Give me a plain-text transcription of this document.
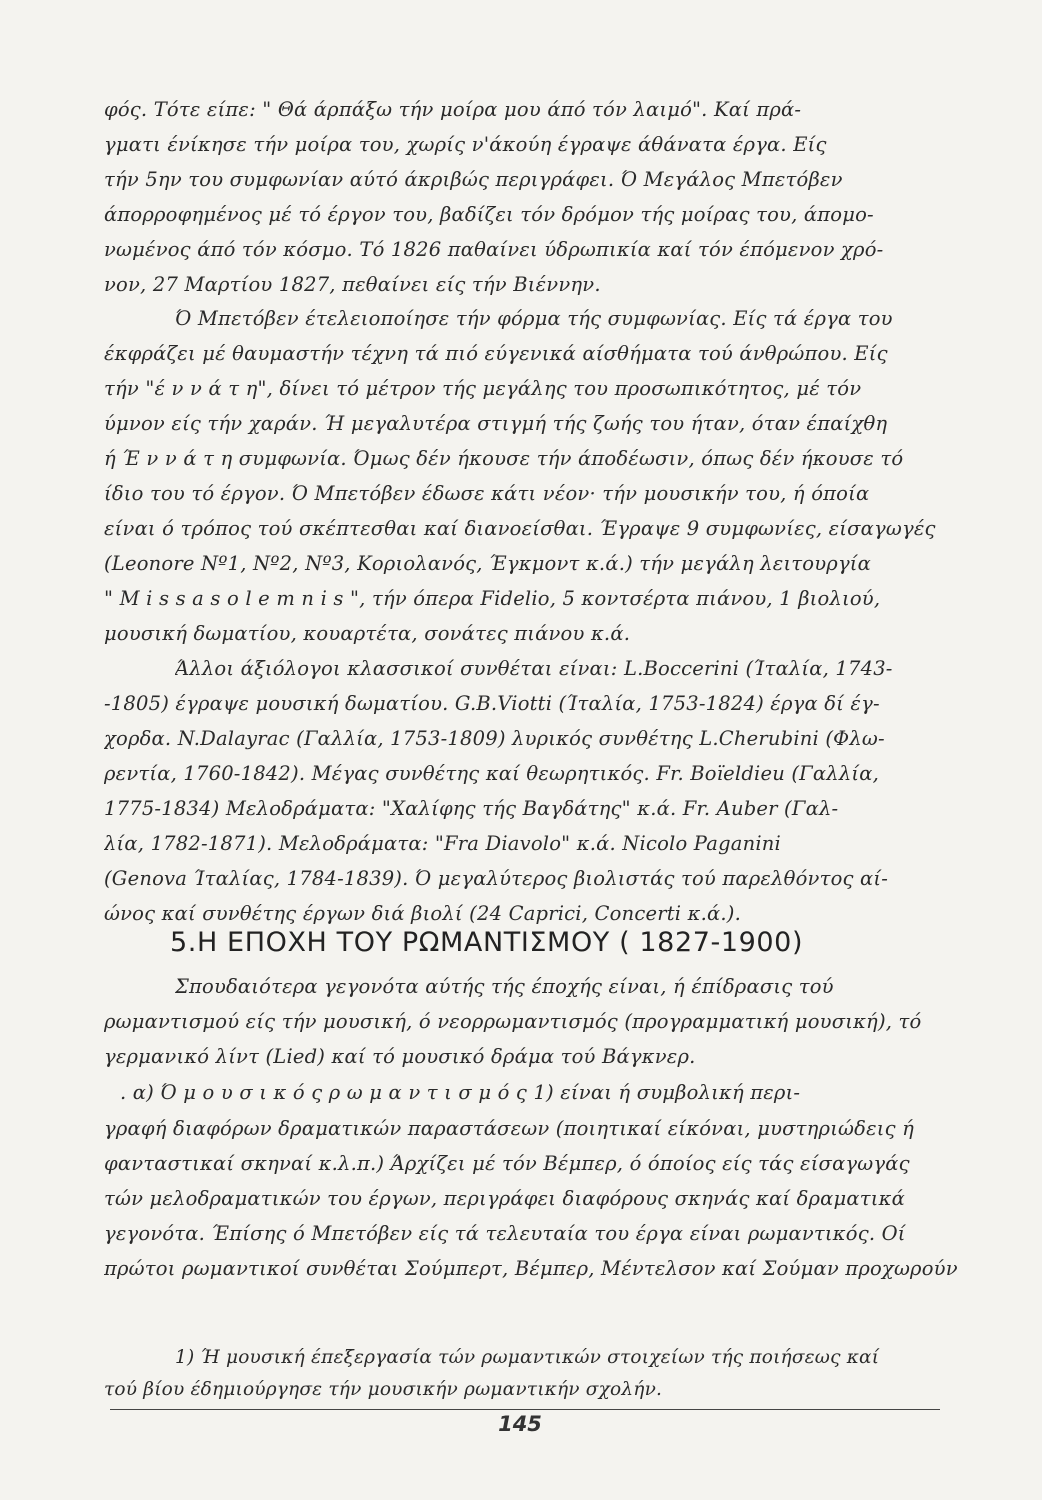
φός. Τότε είπε: " Θά άρπάξω τήν μοίρα μου άπό τόν λαιμό". Καί πρά-
γματι ένίκησε τήν μοίρα του, χωρίς ν'άκούη έγραψε άθάνατα έργα. Είς
τήν 5ην του συμφωνίαν αύτό άκριβώς περιγράφει. Ό Μεγάλος Μπετόβεν
άπορροφημένος μέ τό έργον του, βαδίζει τόν δρόμον τής μοίρας του, άπομο-
νωμένος άπό τόν κόσμο. Τό 1826 παθαίνει ύδρωπικία καί τόν έπόμενον χρό-
νον, 27 Μαρτίου 1827, πεθαίνει είς τήν Βιέννην.
Ό Μπετόβεν έτελειοποίησε τήν φόρμα τής συμφωνίας. Είς τά έργα του
έκφράζει μέ θαυμαστήν τέχνη τά πιό εύγενικά αίσθήματα τού άνθρώπου. Είς
τήν "έ ν ν ά τ η", δίνει τό μέτρον τής μεγάλης του προσωπικότητος, μέ τόν
ύμνον είς τήν χαράν. Ή μεγαλυτέρα στιγμή τής ζωής του ήταν, όταν έπαίχθη
ή Έ ν ν ά τ η συμφωνία. Όμως δέν ήκουσε τήν άποδέωσιν, όπως δέν ήκουσε τό
ίδιο του τό έργον. Ό Μπετόβεν έδωσε κάτι νέον· τήν μουσικήν του, ή όποία
είναι ό τρόπος τού σκέπτεσθαι καί διανοείσθαι. Έγραψε 9 συμφωνίες, είσαγωγές
(Leonore Nº1, Nº2, Nº3, Κοριολανός, Έγκμοντ κ.ά.) τήν μεγάλη λειτουργία
" M i s s a s o l e m n i s ", τήν όπερα Fidelio, 5 κοντσέρτα πιάνου, 1 βιολιού,
μουσική δωματίου, κουαρτέτα, σονάτες πιάνου κ.ά.
Άλλοι άξιόλογοι κλασσικοί συνθέται είναι: L.Boccerini (Ίταλία, 1743-
-1805) έγραψε μουσική δωματίου. G.B.Viotti (Ίταλία, 1753-1824) έργα δί έγ-
χορδα. N.Dalayrac (Γαλλία, 1753-1809) λυρικός συνθέτης L.Cherubini (Φλω-
ρεντία, 1760-1842). Μέγας συνθέτης καί θεωρητικός. Fr. Boïeldieu (Γαλλία,
1775-1834) Μελοδράματα: "Χαλίφης τής Βαγδάτης" κ.ά. Fr. Auber (Γαλ-
λία, 1782-1871). Μελοδράματα: "Fra Diavolo" κ.ά. Nicolo Paganini
(Genova Ίταλίας, 1784-1839). Ό μεγαλύτερος βιολιστάς τού παρελθόντος αί-
ώνος καί συνθέτης έργων διά βιολί (24 Caprici, Concerti κ.ά.).
5.Η ΕΠΟΧΗ ΤΟΥ ΡΩΜΑΝΤΙΣΜΟΥ ( 1827-1900)
Σπουδαιότερα γεγονότα αύτής τής έποχής είναι, ή έπίδρασις τού
ρωμαντισμού είς τήν μουσική, ό νεορρωμαντισμός (προγραμματική μουσική), τό
γερμανικό λίντ (Lied) καί τό μουσικό δράμα τού Βάγκνερ.
. α) Ό μ ο υ σ ι κ ό ς ρ ω μ α ν τ ι σ μ ό ς 1) είναι ή συμβολική περι-
γραφή διαφόρων δραματικών παραστάσεων (ποιητικαί είκόναι, μυστηριώδεις ή
φανταστικαί σκηναί κ.λ.π.) Άρχίζει μέ τόν Βέμπερ, ό όποίος είς τάς είσαγωγάς
τών μελοδραματικών του έργων, περιγράφει διαφόρους σκηνάς καί δραματικά
γεγονότα. Έπίσης ό Μπετόβεν είς τά τελευταία του έργα είναι ρωμαντικός. Οί
πρώτοι ρωμαντικοί συνθέται Σούμπερτ, Βέμπερ, Μέντελσον καί Σούμαν προχωρούν
1) Ή μουσική έπεξεργασία τών ρωμαντικών στοιχείων τής ποιήσεως καί
τού βίου έδημιούργησε τήν μουσικήν ρωμαντικήν σχολήν.
145
